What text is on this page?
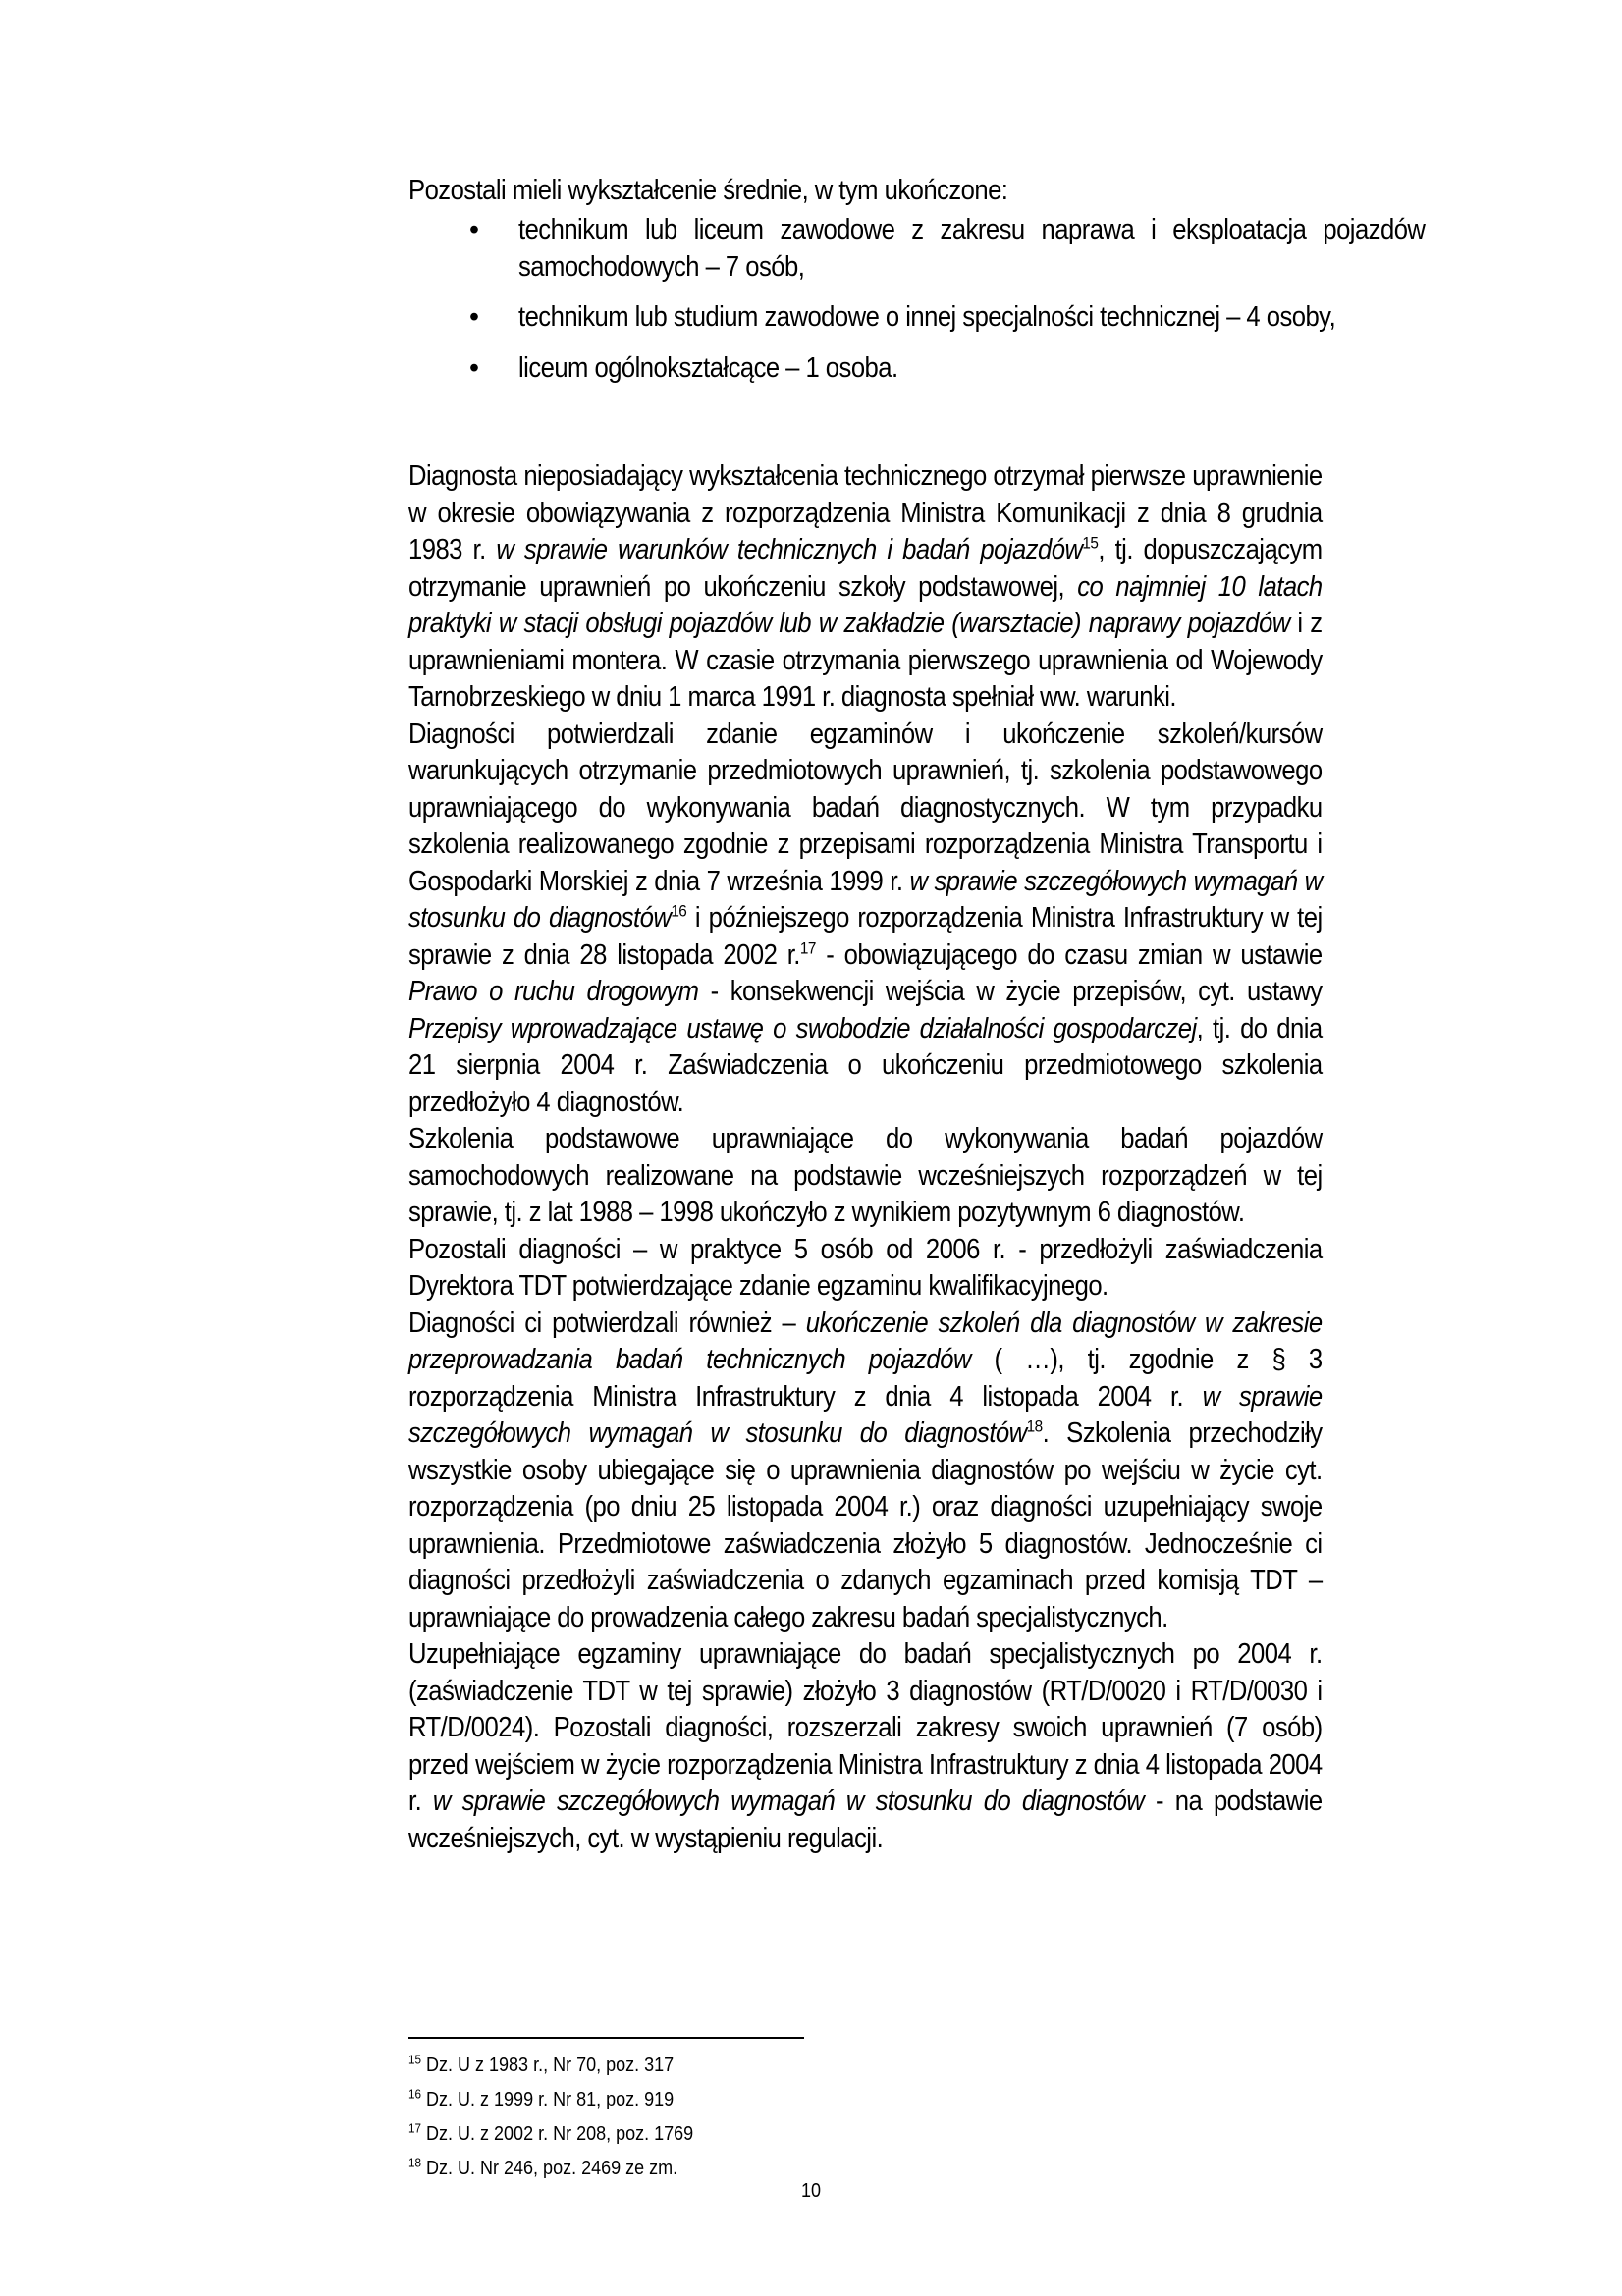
Pozostali mieli wykształcenie średnie, w tym ukończone:

• technikum lub liceum zawodowe z zakresu naprawa i eksploatacja pojazdów samochodowych – 7 osób,
• technikum lub studium zawodowe o innej specjalności technicznej – 4 osoby,
• liceum ogólnokształcące – 1 osoba.

Diagnosta nieposiadający wykształcenia technicznego otrzymał pierwsze uprawnienie w okresie obowiązywania z rozporządzenia Ministra Komunikacji z dnia 8 grudnia 1983 r. w sprawie warunków technicznych i badań pojazdów$^{15}$, tj. dopuszczającym otrzymanie uprawnień po ukończeniu szkoły podstawowej, co najmniej 10 latach praktyki w stacji obsługi pojazdów lub w zakładzie (warsztacie) naprawy pojazdów i z uprawnieniami montera. W czasie otrzymania pierwszego uprawnienia od Wojewody Tarnobrzeskiego w dniu 1 marca 1991 r. diagnosta spełniał ww. warunki.

Diagności potwierdzali zdanie egzaminów i ukończenie szkoleń/kursów warunkujących otrzymanie przedmiotowych uprawnień, tj. szkolenia podstawowego uprawniającego do wykonywania badań diagnostycznych. W tym przypadku szkolenia realizowanego zgodnie z przepisami rozporządzenia Ministra Transportu i Gospodarki Morskiej z dnia 7 września 1999 r. w sprawie szczegółowych wymagań w stosunku do diagnostów$^{16}$ i późniejszego rozporządzenia Ministra Infrastruktury w tej sprawie z dnia 28 listopada 2002 r.$^{17}$ - obowiązującego do czasu zmian w ustawie Prawo o ruchu drogowym - konsekwencji wejścia w życie przepisów, cyt. ustawy Przepisy wprowadzające ustawę o swobodzie działalności gospodarczej, tj. do dnia 21 sierpnia 2004 r. Zaświadczenia o ukończeniu przedmiotowego szkolenia przedłożyło 4 diagnostów.

Szkolenia podstawowe uprawniające do wykonywania badań pojazdów samochodowych realizowane na podstawie wcześniejszych rozporządzeń w tej sprawie, tj. z lat 1988 – 1998 ukończyło z wynikiem pozytywnym 6 diagnostów.

Pozostali diagności – w praktyce 5 osób od 2006 r. - przedłożyli zaświadczenia Dyrektora TDT potwierdzające zdanie egzaminu kwalifikacyjnego.

Diagności ci potwierdzali również – ukończenie szkoleń dla diagnostów w zakresie przeprowadzania badań technicznych pojazdów ( …), tj. zgodnie z § 3 rozporządzenia Ministra Infrastruktury z dnia 4 listopada 2004 r. w sprawie szczegółowych wymagań w stosunku do diagnostów$^{18}$. Szkolenia przechodziły wszystkie osoby ubiegające się o uprawnienia diagnostów po wejściu w życie cyt. rozporządzenia (po dniu 25 listopada 2004 r.) oraz diagności uzupełniający swoje uprawnienia. Przedmiotowe zaświadczenia złożyło 5 diagnostów. Jednocześnie ci diagności przedłożyli zaświadczenia o zdanych egzaminach przed komisją TDT – uprawniające do prowadzenia całego zakresu badań specjalistycznych.

Uzupełniające egzaminy uprawniające do badań specjalistycznych po 2004 r. (zaświadczenie TDT w tej sprawie) złożyło 3 diagnostów (RT/D/0020 i RT/D/0030 i RT/D/0024). Pozostali diagności, rozszerzali zakresy swoich uprawnień (7 osób) przed wejściem w życie rozporządzenia Ministra Infrastruktury z dnia 4 listopada 2004 r. w sprawie szczegółowych wymagań w stosunku do diagnostów - na podstawie wcześniejszych, cyt. w wystąpieniu regulacji.

$^{15}$ Dz. U z 1983 r., Nr 70, poz. 317
$^{16}$ Dz. U. z 1999 r. Nr 81, poz. 919
$^{17}$ Dz. U. z 2002 r. Nr 208, poz. 1769
$^{18}$ Dz. U. Nr 246, poz. 2469 ze zm.
10
